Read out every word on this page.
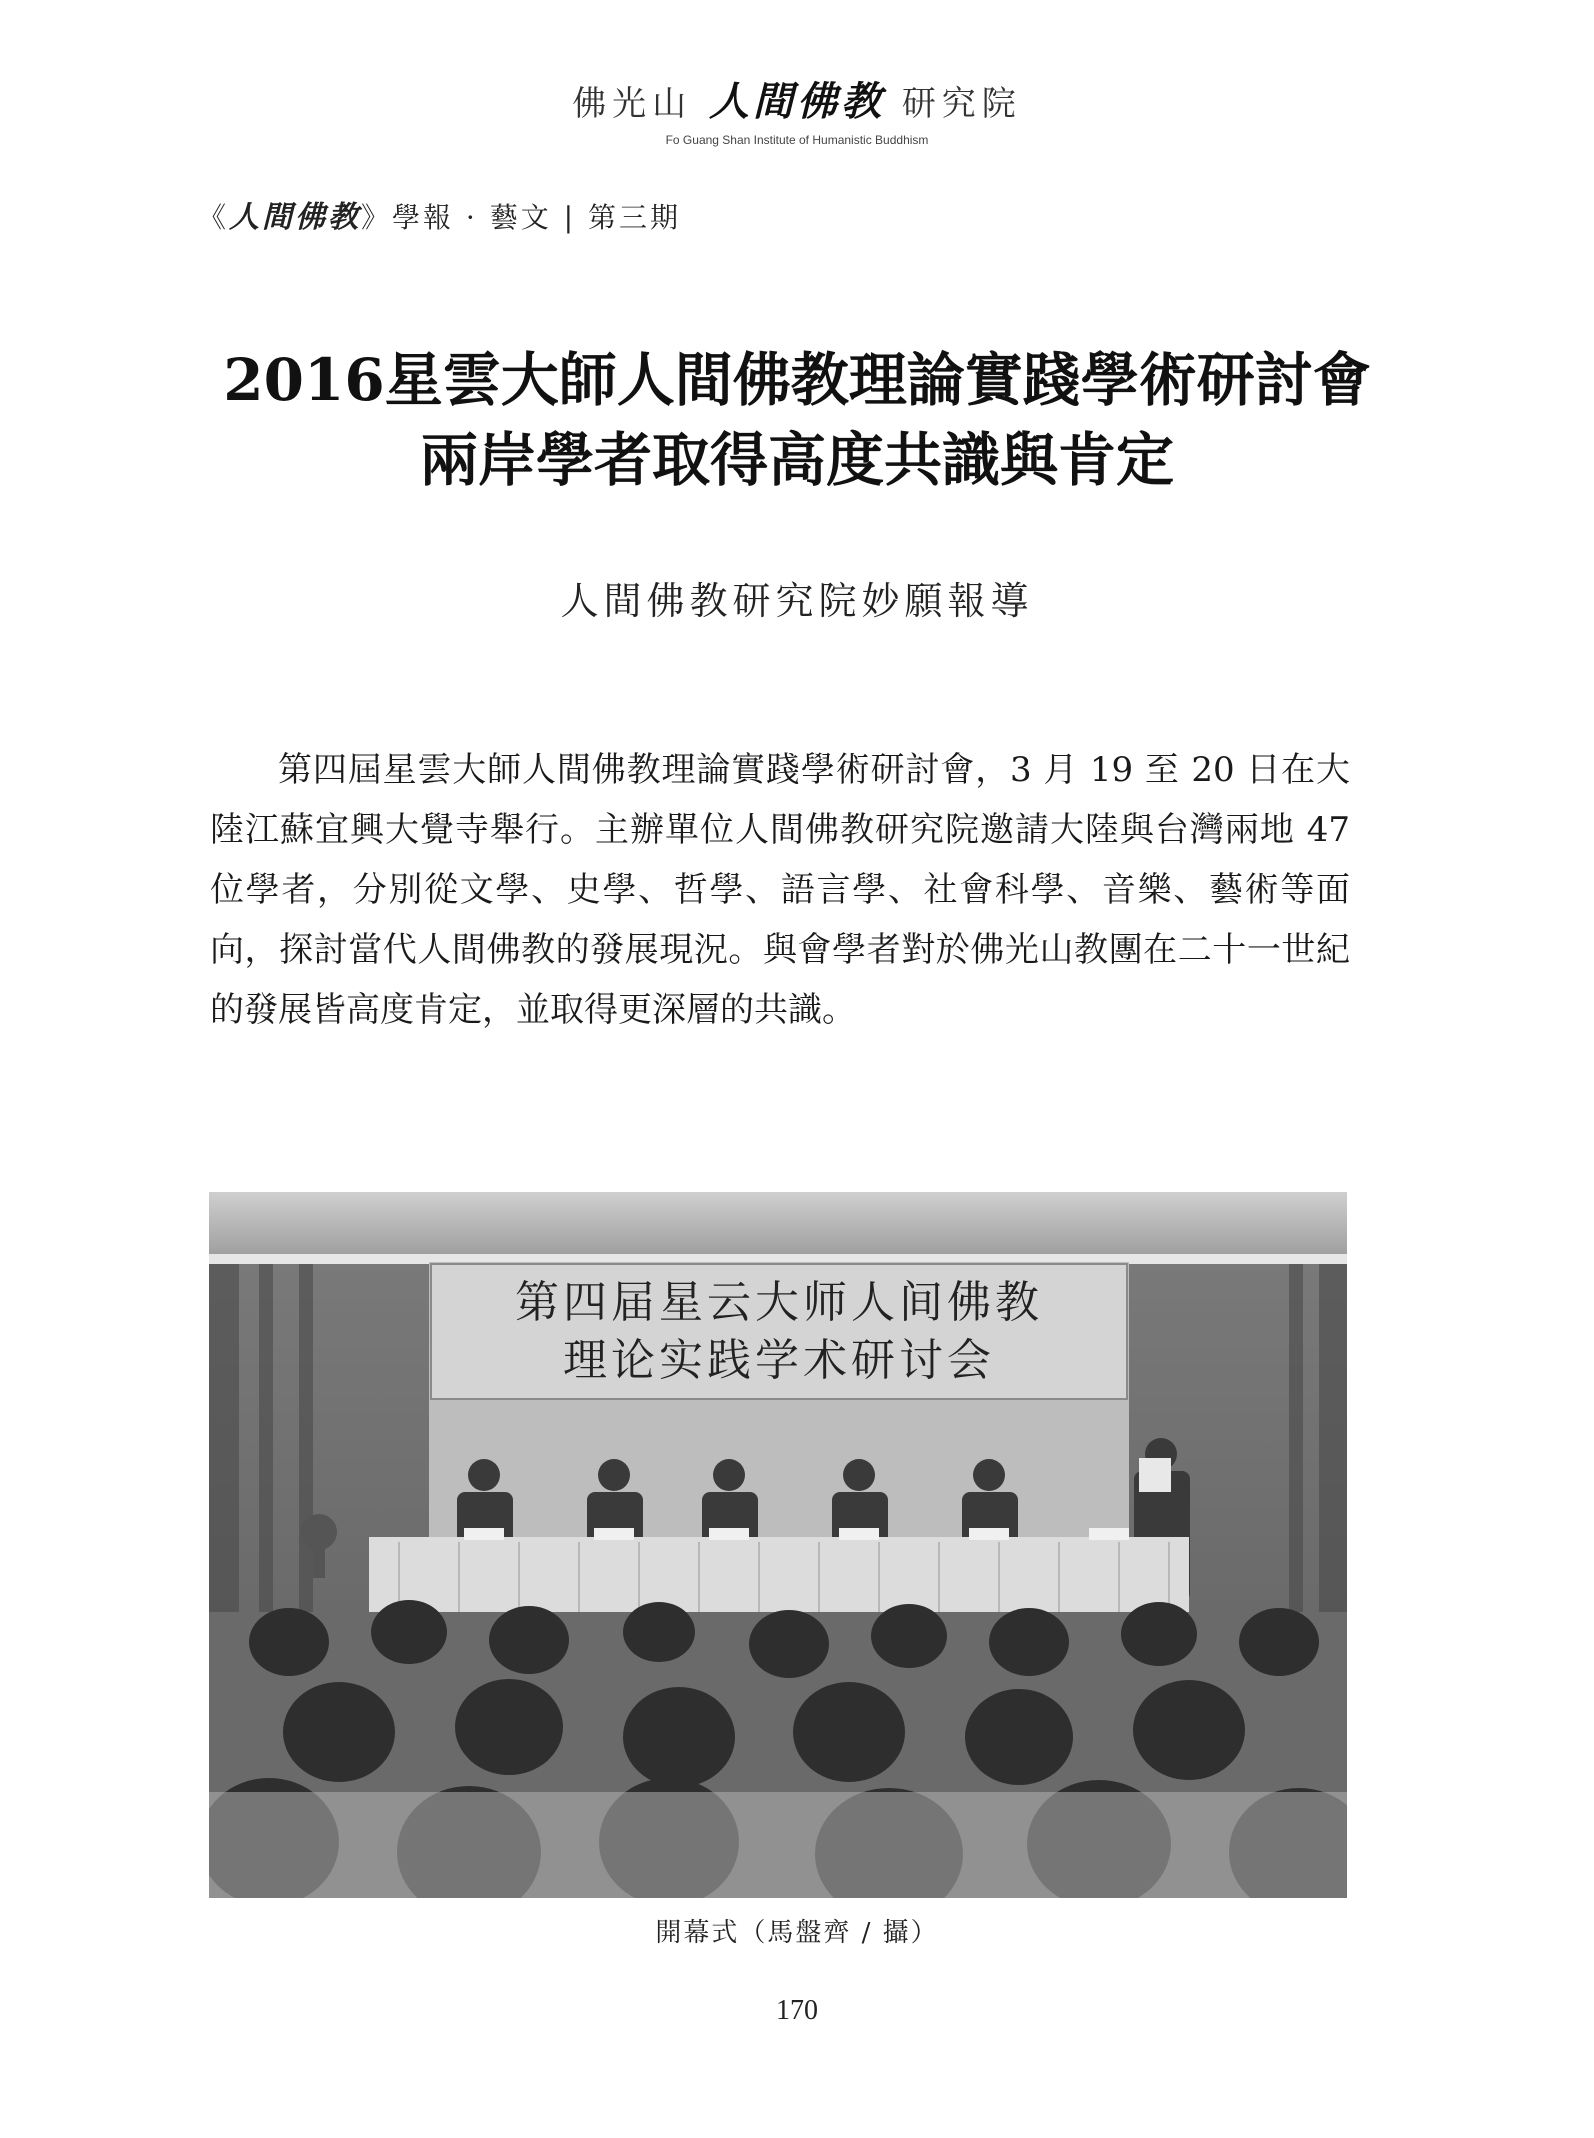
佛光山 人間佛教 研究院
Fo Guang Shan Institute of Humanistic Buddhism
《人間佛教》學報 · 藝文 | 第三期
2016星雲大師人間佛教理論實踐學術研討會
兩岸學者取得高度共識與肯定
人間佛教研究院妙願報導

第四屆星雲大師人間佛教理論實踐學術研討會，3 月 19 至 20 日在大陸江蘇宜興大覺寺舉行。主辦單位人間佛教研究院邀請大陸與台灣兩地 47 位學者，分別從文學、史學、哲學、語言學、社會科學、音樂、藝術等面向，探討當代人間佛教的發展現況。與會學者對於佛光山教團在二十一世紀的發展皆高度肯定，並取得更深層的共識。

第四届星云大师人间佛教
理论实践学术研讨会
開幕式（馬盤齊 / 攝）
170
